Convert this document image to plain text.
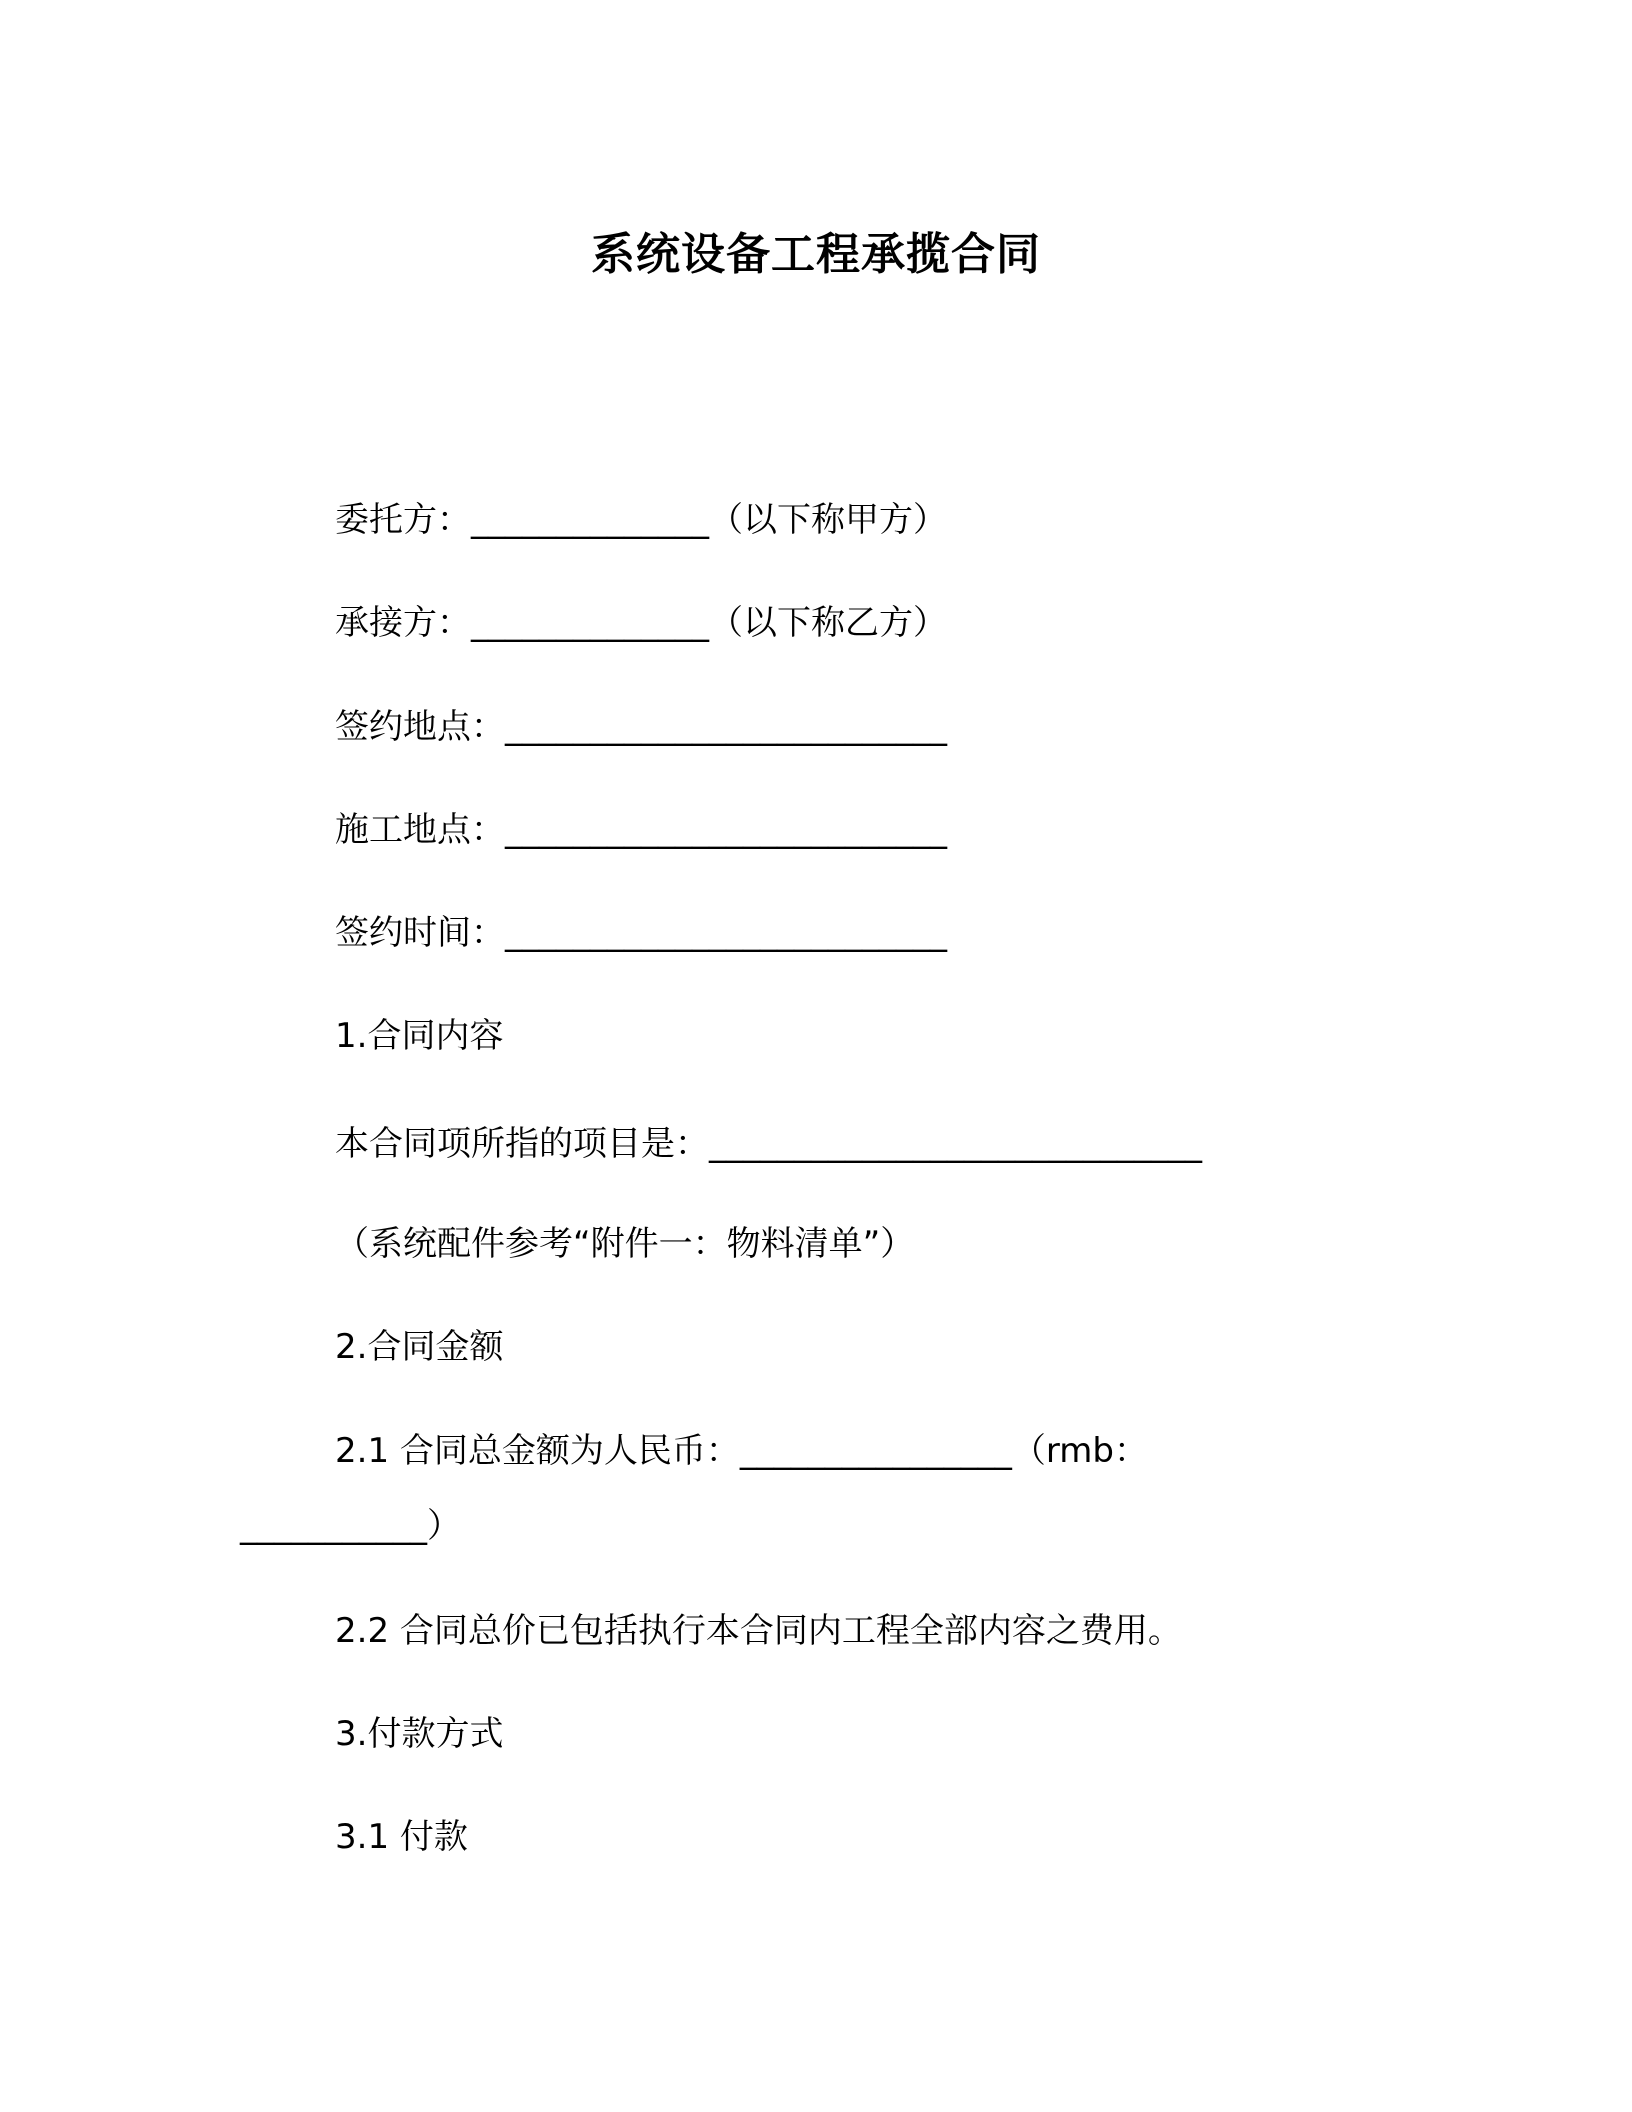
系统设备工程承揽合同
委托方：______________（以下称甲方）
承接方：______________（以下称乙方）
签约地点：__________________________
施工地点：__________________________
签约时间：__________________________
1.合同内容
本合同项所指的项目是：_____________________________
（系统配件参考“附件一：物料清单”）
2.合同金额
2.1 合同总金额为人民币：________________（rmb：
___________）
2.2 合同总价已包括执行本合同内工程全部内容之费用。
3.付款方式
3.1 付款
